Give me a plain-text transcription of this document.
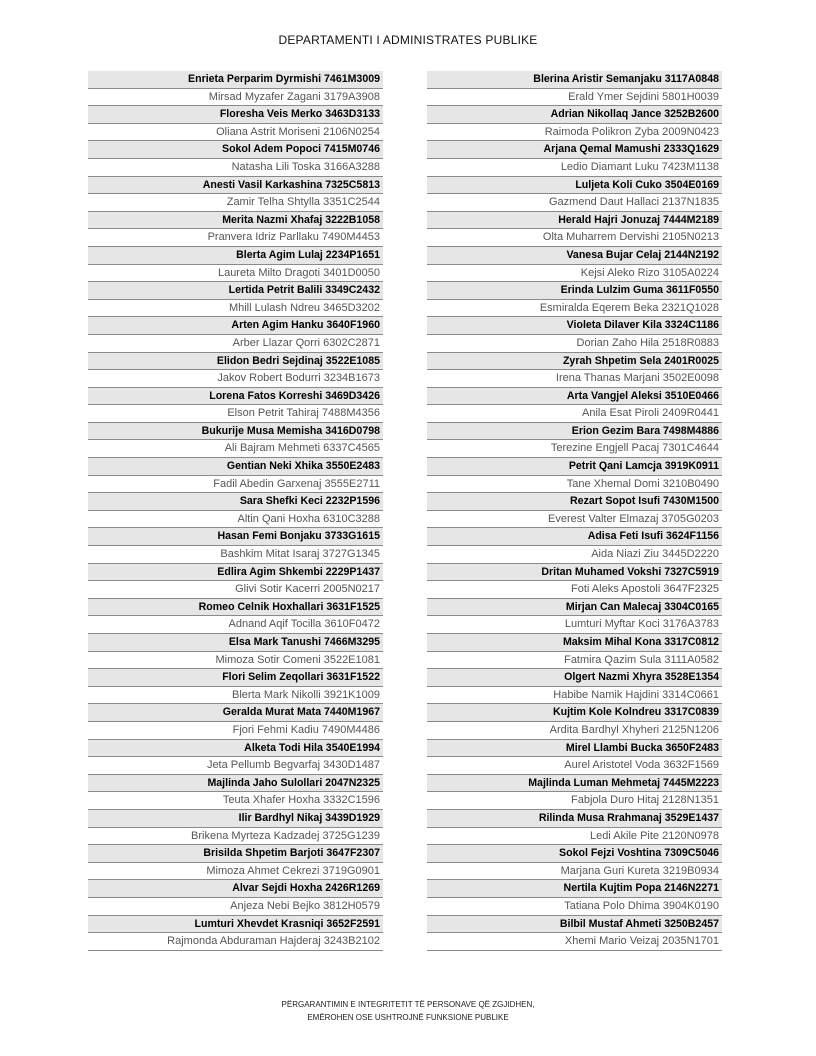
DEPARTAMENTI I ADMINISTRATES PUBLIKE
Enrieta Perparim Dyrmishi 7461M3009
Mirsad Myzafer Zagani 3179A3908
Floresha Veis Merko 3463D3133
Oliana Astrit Moriseni 2106N0254
Sokol Adem Popoci 7415M0746
Natasha Lili Toska 3166A3288
Anesti Vasil Karkashina 7325C5813
Zamir Telha Shtylla 3351C2544
Merita Nazmi Xhafaj 3222B1058
Pranvera Idriz Parllaku 7490M4453
Blerta Agim Lulaj 2234P1651
Laureta Milto Dragoti 3401D0050
Lertida Petrit Balili 3349C2432
Mhill Lulash Ndreu 3465D3202
Arten Agim Hanku 3640F1960
Arber Llazar Qorri 6302C2871
Elidon Bedri Sejdinaj 3522E1085
Jakov Robert Bodurri 3234B1673
Lorena Fatos Korreshi 3469D3426
Elson Petrit Tahiraj 7488M4356
Bukurije Musa Memisha 3416D0798
Ali Bajram Mehmeti 6337C4565
Gentian Neki Xhika 3550E2483
Fadil Abedin Garxenaj 3555E2711
Sara Shefki Keci 2232P1596
Altin Qani Hoxha 6310C3288
Hasan Femi Bonjaku 3733G1615
Bashkim Mitat Isaraj 3727G1345
Edlira Agim Shkembi 2229P1437
Glivi Sotir Kacerri 2005N0217
Romeo Celnik Hoxhallari 3631F1525
Adnand Aqif Tocilla 3610F0472
Elsa Mark Tanushi 7466M3295
Mimoza Sotir Comeni 3522E1081
Flori Selim Zeqollari 3631F1522
Blerta Mark Nikolli 3921K1009
Geralda Murat Mata 7440M1967
Fjori Fehmi Kadiu 7490M4486
Alketa Todi Hila 3540E1994
Jeta Pellumb Begvarfaj 3430D1487
Majlinda Jaho Sulollari 2047N2325
Teuta Xhafer Hoxha 3332C1596
Ilir Bardhyl Nikaj 3439D1929
Brikena Myrteza Kadzadej 3725G1239
Brisilda Shpetim Barjoti 3647F2307
Mimoza Ahmet Cekrezi 3719G0901
Alvar Sejdi Hoxha 2426R1269
Anjeza Nebi Bejko 3812H0579
Lumturi Xhevdet Krasniqi 3652F2591
Rajmonda Abduraman Hajderaj 3243B2102
Blerina Aristir Semanjaku 3117A0848
Erald Ymer Sejdini 5801H0039
Adrian Nikollaq Jance 3252B2600
Raimoda Polikron Zyba 2009N0423
Arjana Qemal Mamushi 2333Q1629
Ledio Diamant Luku 7423M1138
Luljeta Koli Cuko 3504E0169
Gazmend Daut Hallaci 2137N1835
Herald Hajri Jonuzaj 7444M2189
Olta Muharrem Dervishi 2105N0213
Vanesa Bujar Celaj 2144N2192
Kejsi Aleko Rizo 3105A0224
Erinda Lulzim Guma 3611F0550
Esmiralda Eqerem Beka 2321Q1028
Violeta Dilaver Kila 3324C1186
Dorian Zaho Hila 2518R0883
Zyrah Shpetim Sela 2401R0025
Irena Thanas Marjani 3502E0098
Arta Vangjel Aleksi 3510E0466
Anila Esat Piroli 2409R0441
Erion Gezim Bara 7498M4886
Terezine Engjell Pacaj 7301C4644
Petrit Qani Lamcja 3919K0911
Tane Xhemal Domi 3210B0490
Rezart Sopot Isufi 7430M1500
Everest Valter Elmazaj 3705G0203
Adisa Feti Isufi 3624F1156
Aida Niazi Ziu 3445D2220
Dritan Muhamed Vokshi 7327C5919
Foti Aleks Apostoli 3647F2325
Mirjan Can Malecaj 3304C0165
Lumturi Myftar Koci 3176A3783
Maksim Mihal Kona 3317C0812
Fatmira Qazim Sula 3111A0582
Olgert Nazmi Xhyra 3528E1354
Habibe Namik Hajdini 3314C0661
Kujtim Kole Kolndreu 3317C0839
Ardita Bardhyl Xhyheri 2125N1206
Mirel Llambi Bucka 3650F2483
Aurel Aristotel Voda 3632F1569
Majlinda Luman Mehmetaj 7445M2223
Fabjola Duro Hitaj 2128N1351
Rilinda Musa Rrahmanaj 3529E1437
Ledi Akile Pite 2120N0978
Sokol Fejzi Voshtina 7309C5046
Marjana Guri Kureta 3219B0934
Nertila Kujtim Popa 2146N2271
Tatiana Polo Dhima 3904K0190
Bilbil Mustaf Ahmeti 3250B2457
Xhemi Mario Veizaj 2035N1701
PËRGARANTIMIN E INTEGRITETIT TË PERSONAVE QË ZGJIDHEN,
EMËROHEN OSE USHTROJNË FUNKSIONE PUBLIKE
